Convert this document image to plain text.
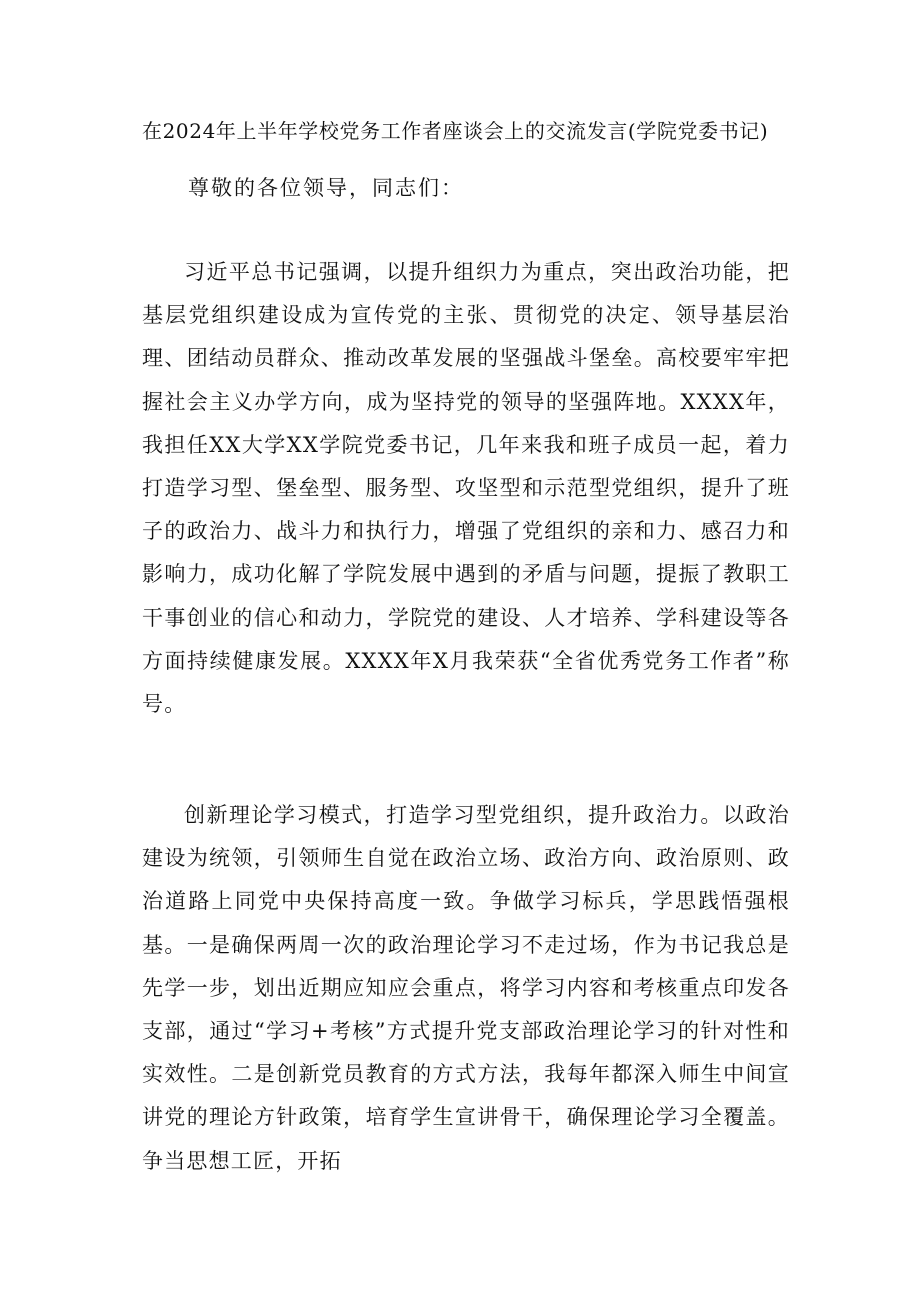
在2024年上半年学校党务工作者座谈会上的交流发言(学院党委书记)
尊敬的各位领导，同志们：

习近平总书记强调，以提升组织力为重点，突出政治功能，把基层党组织建设成为宣传党的主张、贯彻党的决定、领导基层治理、团结动员群众、推动改革发展的坚强战斗堡垒。高校要牢牢把握社会主义办学方向，成为坚持党的领导的坚强阵地。XXXX年，我担任XX大学XX学院党委书记，几年来我和班子成员一起，着力打造学习型、堡垒型、服务型、攻坚型和示范型党组织，提升了班子的政治力、战斗力和执行力，增强了党组织的亲和力、感召力和影响力，成功化解了学院发展中遇到的矛盾与问题，提振了教职工干事创业的信心和动力，学院党的建设、人才培养、学科建设等各方面持续健康发展。XXXX年X月我荣获“全省优秀党务工作者”称号。

创新理论学习模式，打造学习型党组织，提升政治力。以政治建设为统领，引领师生自觉在政治立场、政治方向、政治原则、政治道路上同党中央保持高度一致。争做学习标兵，学思践悟强根基。一是确保两周一次的政治理论学习不走过场，作为书记我总是先学一步，划出近期应知应会重点，将学习内容和考核重点印发各支部，通过“学习+考核”方式提升党支部政治理论学习的针对性和实效性。二是创新党员教育的方式方法，我每年都深入师生中间宣讲党的理论方针政策，培育学生宣讲骨干，确保理论学习全覆盖。争当思想工匠，开拓
